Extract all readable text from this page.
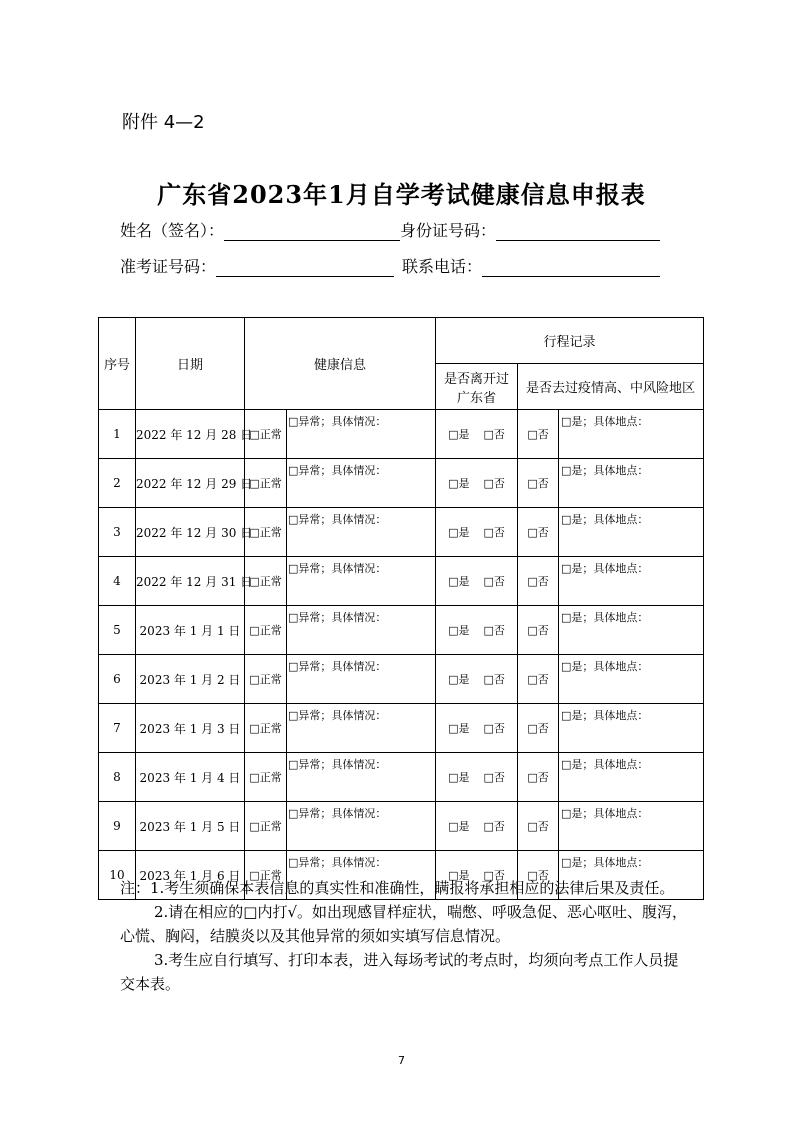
附件 4—2
广东省2023年1月自学考试健康信息申报表
姓名（签名）：	身份证号码：
准考证号码：	联系电话：
序号	日期	健康信息		行程记录		
				是否离开过广东省	是否去过疫情高、中风险地区	
1	2022 年 12 月 28 日	□正常	□异常；具体情况：	□是 □否	□否	□是；具体地点：
2	2022 年 12 月 29 日	□正常	□异常；具体情况：	□是 □否	□否	□是；具体地点：
3	2022 年 12 月 30 日	□正常	□异常；具体情况：	□是 □否	□否	□是；具体地点：
4	2022 年 12 月 31 日	□正常	□异常；具体情况：	□是 □否	□否	□是；具体地点：
5	2023 年 1 月 1 日	□正常	□异常；具体情况：	□是 □否	□否	□是；具体地点：
6	2023 年 1 月 2 日	□正常	□异常；具体情况：	□是 □否	□否	□是；具体地点：
7	2023 年 1 月 3 日	□正常	□异常；具体情况：	□是 □否	□否	□是；具体地点：
8	2023 年 1 月 4 日	□正常	□异常；具体情况：	□是 □否	□否	□是；具体地点：
9	2023 年 1 月 5 日	□正常	□异常；具体情况：	□是 □否	□否	□是；具体地点：
10	2023 年 1 月 6 日	□正常	□异常；具体情况：	□是 □否	□否	□是；具体地点：

注：1.考生须确保本表信息的真实性和准确性，瞒报将承担相应的法律后果及责任。

2.请在相应的□内打√。如出现感冒样症状，喘憋、呼吸急促、恶心呕吐、腹泻，心慌、胸闷，结膜炎以及其他异常的须如实填写信息情况。

3.考生应自行填写、打印本表，进入每场考试的考点时，均须向考点工作人员提交本表。

7
